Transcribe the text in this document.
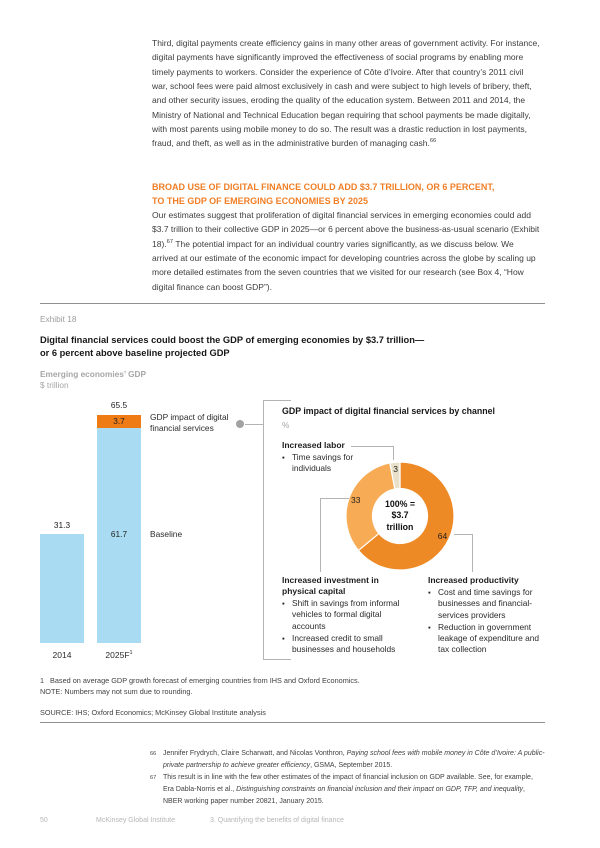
Third, digital payments create efficiency gains in many other areas of government activity. For instance, digital payments have significantly improved the effectiveness of social programs by enabling more timely payments to workers. Consider the experience of Côte d’Ivoire. After that country’s 2011 civil war, school fees were paid almost exclusively in cash and were subject to high levels of bribery, theft, and other security issues, eroding the quality of the education system. Between 2011 and 2014, the Ministry of National and Technical Education began requiring that school payments be made digitally, with most parents using mobile money to do so. The result was a drastic reduction in lost payments, fraud, and theft, as well as in the administrative burden of managing cash.$^{66}$
BROAD USE OF DIGITAL FINANCE COULD ADD $3.7 TRILLION, OR 6 PERCENT,
TO THE GDP OF EMERGING ECONOMIES BY 2025
Our estimates suggest that proliferation of digital financial services in emerging economies could add $3.7 trillion to their collective GDP in 2025—or 6 percent above the business-as-usual scenario (Exhibit 18).$^{67}$ The potential impact for an individual country varies significantly, as we discuss below. We arrived at our estimate of the economic impact for developing countries across the globe by scaling up more detailed estimates from the seven countries that we visited for our research (see Box 4, “How digital finance can boost GDP”).
Exhibit 18
Digital financial services could boost the GDP of emerging economies by $3.7 trillion—
or 6 percent above baseline projected GDP
Emerging economies’ GDP
$ trillion
31.3
65.5
3.7
61.7
2014	$2025F^1$
GDP impact of digital financial services
Baseline
GDP impact of digital financial services by channel
%
Increased labor
▪ Time savings for individuals
100% =
$3.7
trillion
Increased investment in physical capital
▪ Shift in savings from informal vehicles to formal digital accounts
▪ Increased credit to small businesses and households
Increased productivity
▪ Cost and time savings for businesses and financial-services providers
▪ Reduction in government leakage of expenditure and tax collection
1 Based on average GDP growth forecast of emerging countries from IHS and Oxford Economics.
NOTE: Numbers may not sum due to rounding.
SOURCE: IHS; Oxford Economics; McKinsey Global Institute analysis
66 Jennifer Frydrych, Claire Scharwatt, and Nicolas Vonthron, Paying school fees with mobile money in Côte d’Ivoire: A public-private partnership to achieve greater efficiency, GSMA, September 2015.
67 This result is in line with the few other estimates of the impact of financial inclusion on GDP available. See, for example, Era Dabla-Norris et al., Distinguishing constraints on financial inclusion and their impact on GDP, TFP, and inequality, NBER working paper number 20821, January 2015.
50	McKinsey Global Institute	3. Quantifying the benefits of digital finance
64
33
3
